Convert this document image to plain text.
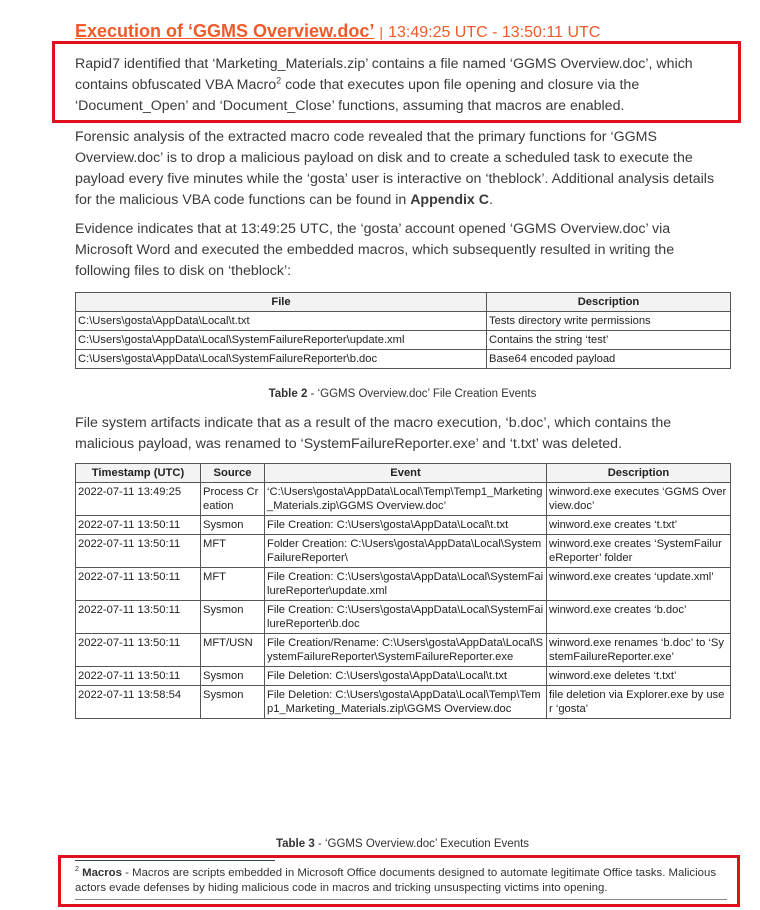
Execution of ‘GGMS Overview.doc’ | 13:49:25 UTC - 13:50:11 UTC

Rapid7 identified that ‘Marketing_Materials.zip’ contains a file named ‘GGMS Overview.doc’, which contains obfuscated VBA Macro$^2$ code that executes upon file opening and closure via the ‘Document_Open’ and ‘Document_Close’ functions, assuming that macros are enabled.

Forensic analysis of the extracted macro code revealed that the primary functions for ‘GGMS Overview.doc’ is to drop a malicious payload on disk and to create a scheduled task to execute the payload every five minutes while the ‘gosta’ user is interactive on ‘theblock’. Additional analysis details for the malicious VBA code functions can be found in Appendix C.

Evidence indicates that at 13:49:25 UTC, the ‘gosta’ account opened ‘GGMS Overview.doc’ via Microsoft Word and executed the embedded macros, which subsequently resulted in writing the following files to disk on ‘theblock’:

File	Description
C:\Users\gosta\AppData\Local\t.txt	Tests directory write permissions
C:\Users\gosta\AppData\Local\SystemFailureReporter\update.xml	Contains the string ‘test’
C:\Users\gosta\AppData\Local\SystemFailureReporter\b.doc	Base64 encoded payload
Table 2 - ‘GGMS Overview.doc’ File Creation Events

File system artifacts indicate that as a result of the macro execution, ‘b.doc’, which contains the malicious payload, was renamed to ‘SystemFailureReporter.exe’ and ‘t.txt’ was deleted.

Timestamp (UTC)	Source	Event	Description
2022-07-11 13:49:25	Process Creation	‘C:\Users\gosta\AppData\Local\Temp\Temp1_Marketing_Materials.zip\GGMS Overview.doc’	winword.exe executes ‘GGMS Overview.doc’
2022-07-11 13:50:11	Sysmon	File Creation: C:\Users\gosta\AppData\Local\t.txt	winword.exe creates ‘t.txt’
2022-07-11 13:50:11	MFT	Folder Creation: C:\Users\gosta\AppData\Local\SystemFailureReporter\	winword.exe creates ‘SystemFailureReporter’ folder
2022-07-11 13:50:11	MFT	File Creation: C:\Users\gosta\AppData\Local\SystemFailureReporter\update.xml	winword.exe creates ‘update.xml’
2022-07-11 13:50:11	Sysmon	File Creation: C:\Users\gosta\AppData\Local\SystemFailureReporter\b.doc	winword.exe creates ‘b.doc’
2022-07-11 13:50:11	MFT/USN	File Creation/Rename: C:\Users\gosta\AppData\Local\SystemFailureReporter\SystemFailureReporter.exe	winword.exe renames ‘b.doc’ to ‘SystemFailureReporter.exe’
2022-07-11 13:50:11	Sysmon	File Deletion: C:\Users\gosta\AppData\Local\t.txt	winword.exe deletes ‘t.txt’
2022-07-11 13:58:54	Sysmon	File Deletion: C:\Users\gosta\AppData\Local\Temp\Temp1_Marketing_Materials.zip\GGMS Overview.doc	file deletion via Explorer.exe by user ‘gosta’
Table 3 - ‘GGMS Overview.doc’ Execution Events

$^2$ Macros - Macros are scripts embedded in Microsoft Office documents designed to automate legitimate Office tasks. Malicious actors evade defenses by hiding malicious code in macros and tricking unsuspecting victims into opening.
